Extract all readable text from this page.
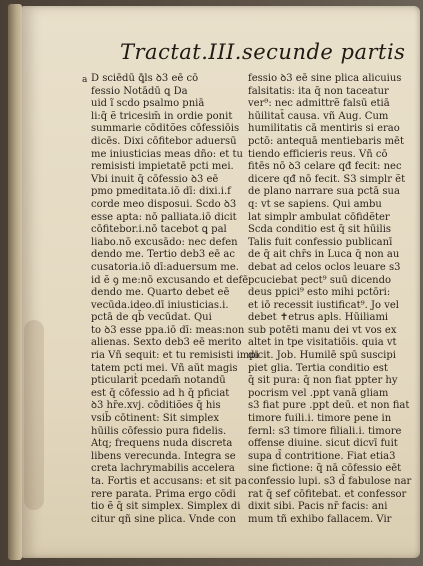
Tractat.III.secunde partis
a D sciēdū ꝗ̄ls ꝺ3 eē cō
fessio Notādū ꝗ Da
uid ĩ scdo psalmo pniā
li:q̄ ẽ tricesim̄ in ordie ponit
summarie cōditões cōfessiōis
dicēs. Dixi cōfitebor aduersū
me iniusticias meas dño: et tu
remisisti impietatē pcti mei.
Vbi inuit q̄ cōfessio ꝺ3 eē
pmo pmeditata.iō dī: dixi.i.f
corde meo disposui. Scdo ꝺ3
esse apta: nō palliata.iō dicit
cōfitebor.i.nō tacebot ꝗ pal
liabo.nō excusādo: nec defen
dendo me. Tertio deb3 eē ac
cusatoria.iō dī:aduersum me.
id ẽ ꝯ me:nō excusando et defē
dendo me. Quarto debet eē
vecūda.ideo.dī iniusticias.i.
pctā de qb̄ vecūdat. Qui
to ꝺ3 esse ppa.iō dī: meas:non
alienas. Sexto deb3 eē merito
ria Vñ sequit: et tu remisisti impi
tatem pcti mei. Vñ aūt magis
pticulariṫ pcedam̄ notandū
est q̄ cōfessio ad h q̄ pficiat
ꝺ3 hr̄e.xvj. cōditiões q̄ his
vsib̄ cōtinent: Sit simplex
hūilis cōfessio pura fidelis.
Atq; frequens nuda discreta
libens verecunda. Integra se
creta lachrymabilis accelera
ta. Fortis et accusans: et sit pa
rere parata. Prima ergo cōdi
tio ẽ q̄ sit simplex. Simplex di
citur qñ sine plica. Vnde con
fessio ꝺ3 eē sine plica alicuius
falsitatis: ita q̄ non taceatur
ver⁹: nec admittrẽ falsū etiā
hūilitat̄ causa. vñ Aug. Cum
humilitatis cā mentiris si erao
pctō: antequā mentiebaris mēt
tiendo efficieris reus. Vñ cō
fitēs nō ꝺ3 celare qđ fecit: nec
dicere qđ nō fecit. S3 simplr ẽt
de plano narrare sua pctā sua
q: vt se sapiens. Qui ambu
lat simplr ambulat cōfidẽter
Scda conditio est q̄ sit hūilis
Talis fuit confessio publicanī
de q̄ ait chr̄s in Luca q̄ non au
debat ad celos oclos leuare s3
pcuciebat pect⁹ suū dicendo
deus ppici⁹ esto mihi pctōri:
et iō recessit iustificat⁹. Jo vel
debet ✝etrus apls. Hūiliami
sub potēti manu dei vt vos ex
altet in tpe visitatiōis. quia vt
dicit. Job. Humilē spū suscipi
piet glia. Tertia conditio est
q̄ sit pura: q̄ non fiat ppter hy
pocrism vel .ppt vanā gliam
s3 fiat pure .ppt deū. et non fiat
timore fuili.i. timore pene in
fernl: s3 timore filiali.i. timore
offense diuine. sicut dicvī fuit
supa d̄ contritione. Fiat etia3
sine fictione: q̄ nā cōfessio eēt
confessio lupi. s3 d̄ fabulose nar
rat q̄ sef cōfitebat. et confessor
dixit sibi. Pacis nr̄ facis: ani
mum tñ exhibo fallacem. Vir
